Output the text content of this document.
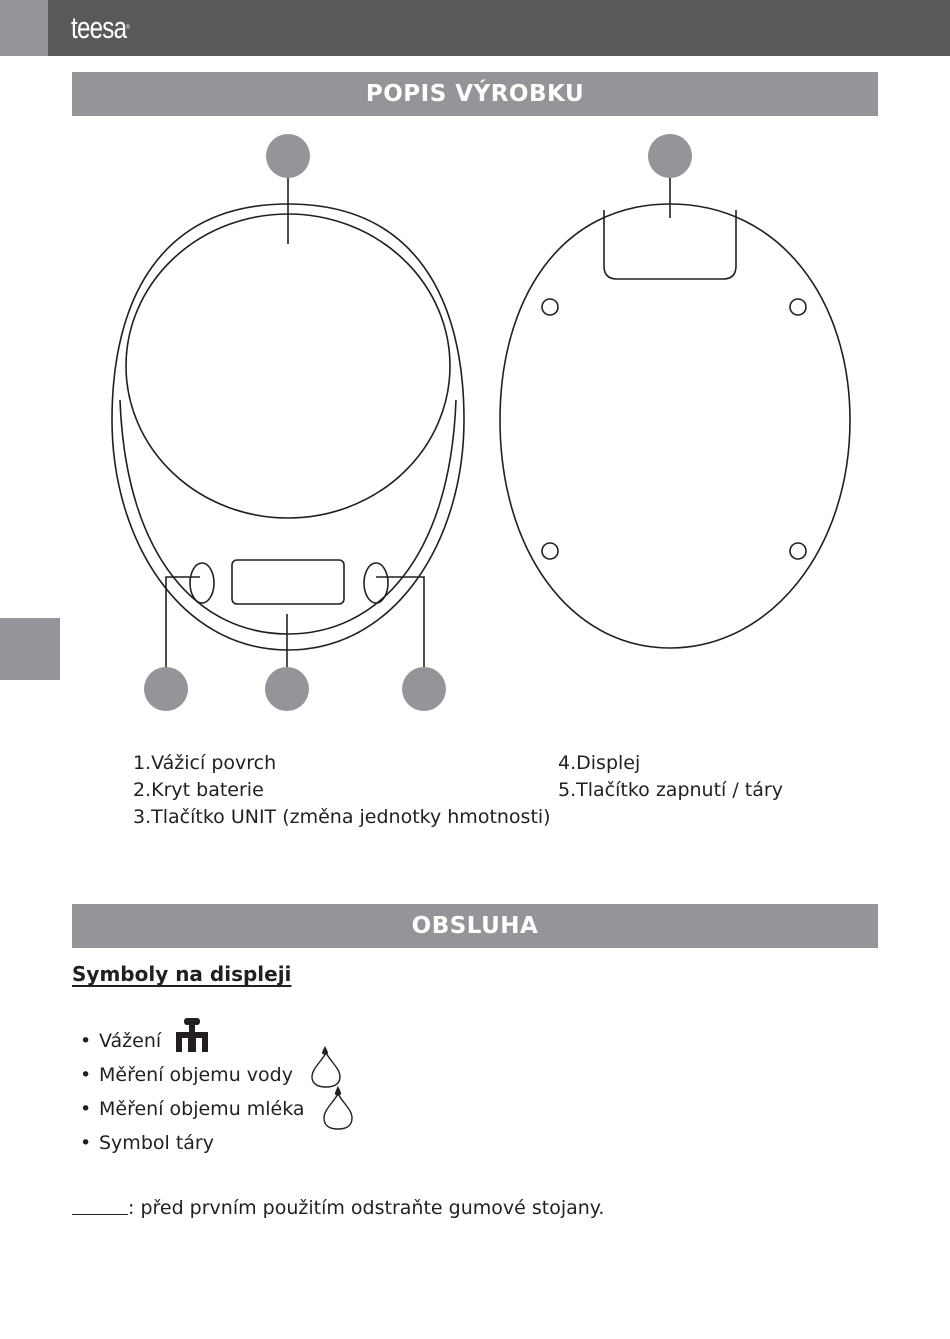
teesa®
POPIS VÝROBKU
1.Vážicí povrch
2.Kryt baterie
3.Tlačítko UNIT (změna jednotky hmotnosti)
4.Displej
5.Tlačítko zapnutí / táry
OBSLUHA
Symboly na displeji
• Vážení
• Měření objemu vody
• Měření objemu mléka
• Symbol táry
: před prvním použitím odstraňte gumové stojany.
